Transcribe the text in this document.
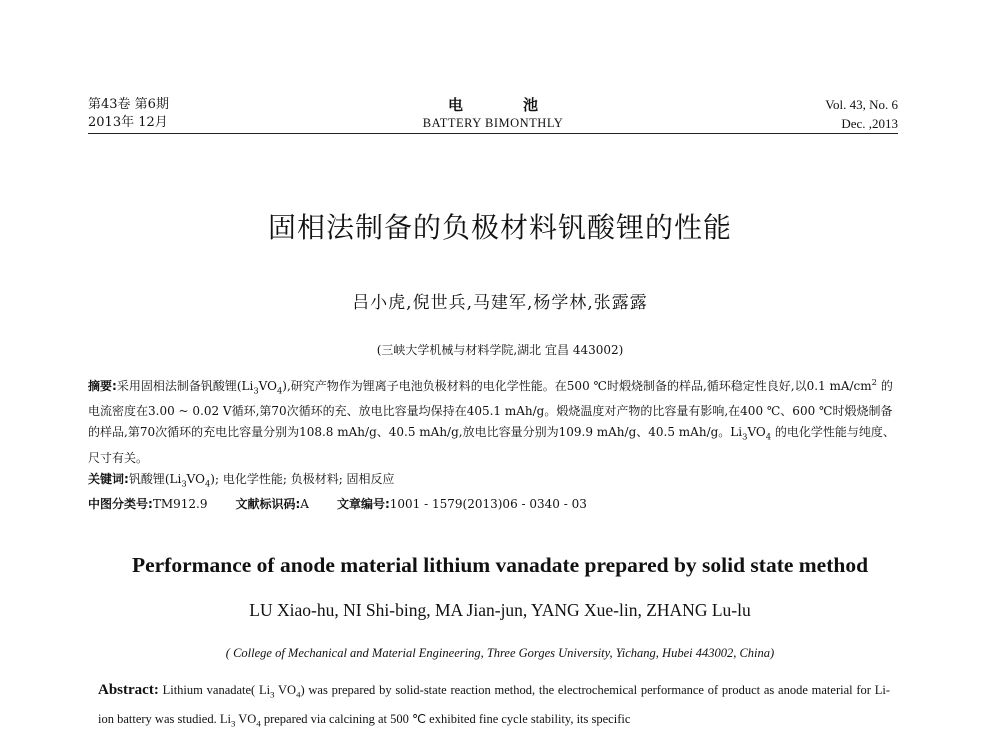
第43卷 第6期
2013年 12月
电池
BATTERY BIMONTHLY
Vol. 43, No. 6
Dec. ,2013
固相法制备的负极材料钒酸锂的性能
吕小虎,倪世兵,马建军,杨学林,张露露
(三峡大学机械与材料学院,湖北 宜昌 443002)

摘要:采用固相法制备钒酸锂$(Li_3VO_4)$,研究产物作为锂离子电池负极材料的电化学性能。在500 ℃时煅烧制备的样品,循环稳定性良好,以0.1 $mA/cm^2$ 的电流密度在3.00 ~ 0.02 V循环,第70次循环的充、放电比容量均保持在405.1 mAh/g。煅烧温度对产物的比容量有影响,在400 ℃、600 ℃时煅烧制备的样品,第70次循环的充电比容量分别为108.8 mAh/g、40.5 mAh/g,放电比容量分别为109.9 mAh/g、40.5 mAh/g。$Li_3VO_4$ 的电化学性能与纯度、尺寸有关。

关键词:钒酸锂$(Li_3VO_4)$; 电化学性能; 负极材料; 固相反应

中图分类号:TM912.9 文献标识码:A 文章编号:1001 - 1579(2013)06 - 0340 - 03

Performance of anode material lithium vanadate prepared by solid state method
LU Xiao-hu, NI Shi-bing, MA Jian-jun, YANG Xue-lin, ZHANG Lu-lu
( College of Mechanical and Material Engineering, Three Gorges University, Yichang, Hubei 443002, China)
Abstract: Lithium vanadate( $Li_3$ $VO_4$) was prepared by solid-state reaction method, the electrochemical performance of product as anode material for Li-ion battery was studied. $Li_3$ $VO_4$ prepared via calcining at 500 ℃ exhibited fine cycle stability, its specific
